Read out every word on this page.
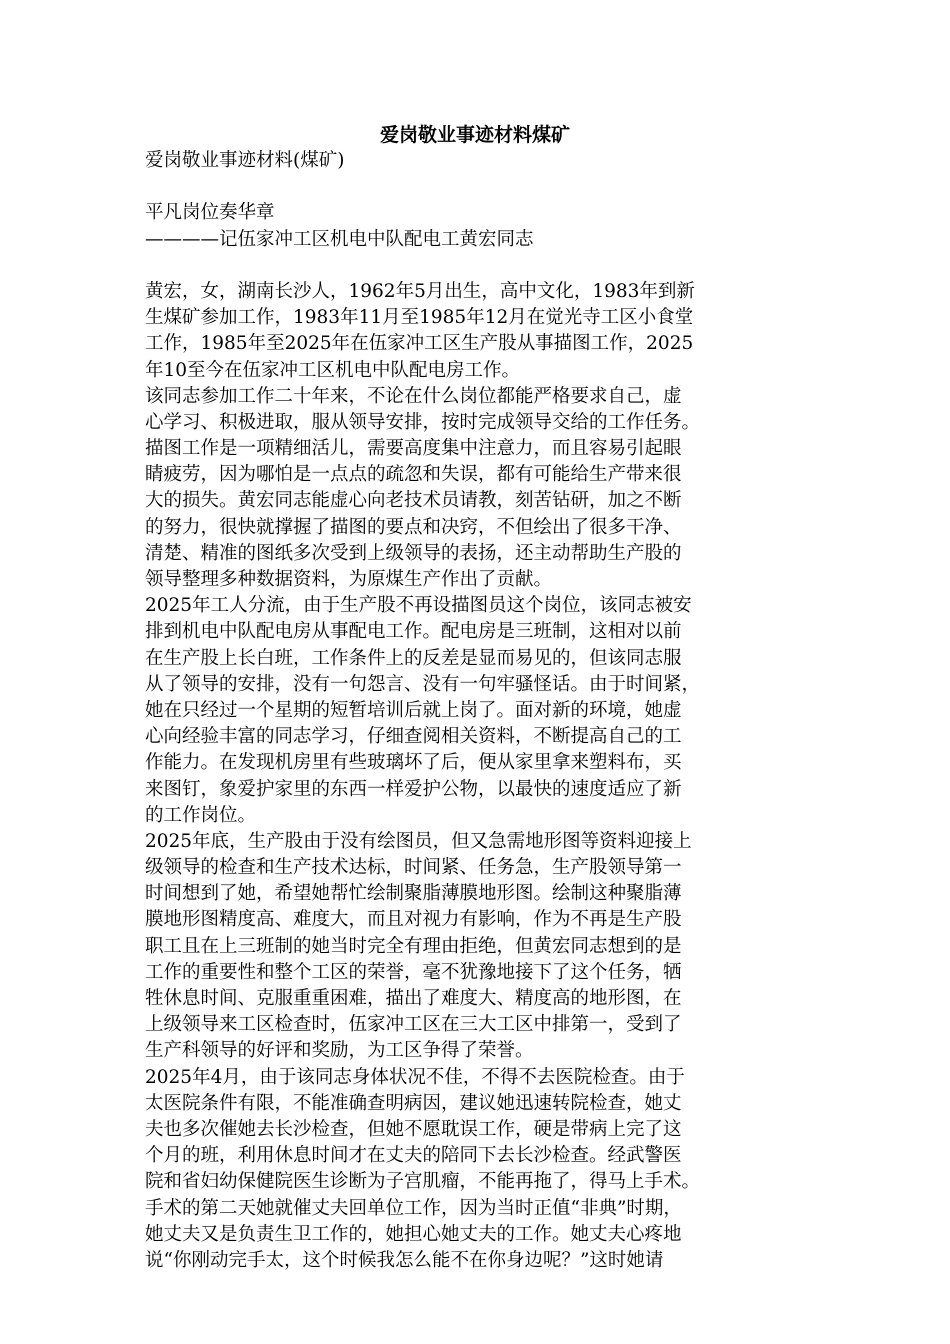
爱岗敬业事迹材料煤矿

爱岗敬业事迹材料(煤矿)

平凡岗位奏华章

————记伍家冲工区机电中队配电工黄宏同志

黄宏，女，湖南长沙人，1962年5月出生，高中文化，1983年到新

生煤矿参加工作，1983年11月至1985年12月在觉光寺工区小食堂

工作，1985年至2025年在伍家冲工区生产股从事描图工作，2025

年10至今在伍家冲工区机电中队配电房工作。

该同志参加工作二十年来，不论在什么岗位都能严格要求自己，虚

心学习、积极进取，服从领导安排，按时完成领导交给的工作任务。

描图工作是一项精细活儿，需要高度集中注意力，而且容易引起眼

睛疲劳，因为哪怕是一点点的疏忽和失误，都有可能给生产带来很

大的损失。黄宏同志能虚心向老技术员请教，刻苦钻研，加之不断

的努力，很快就撑握了描图的要点和决窍，不但绘出了很多干净、

清楚、精准的图纸多次受到上级领导的表扬，还主动帮助生产股的

领导整理多种数据资料，为原煤生产作出了贡献。

2025年工人分流，由于生产股不再设描图员这个岗位，该同志被安

排到机电中队配电房从事配电工作。配电房是三班制，这相对以前

在生产股上长白班，工作条件上的反差是显而易见的，但该同志服

从了领导的安排，没有一句怨言、没有一句牢骚怪话。由于时间紧，

她在只经过一个星期的短暂培训后就上岗了。面对新的环境，她虚

心向经验丰富的同志学习，仔细查阅相关资料，不断提高自己的工

作能力。在发现机房里有些玻璃坏了后，便从家里拿来塑料布，买

来图钉，象爱护家里的东西一样爱护公物，以最快的速度适应了新

的工作岗位。

2025年底，生产股由于没有绘图员，但又急需地形图等资料迎接上

级领导的检查和生产技术达标，时间紧、任务急，生产股领导第一

时间想到了她，希望她帮忙绘制聚脂薄膜地形图。绘制这种聚脂薄

膜地形图精度高、难度大，而且对视力有影响，作为不再是生产股

职工且在上三班制的她当时完全有理由拒绝，但黄宏同志想到的是

工作的重要性和整个工区的荣誉，毫不犹豫地接下了这个任务，牺

牲休息时间、克服重重困难，描出了难度大、精度高的地形图，在

上级领导来工区检查时，伍家冲工区在三大工区中排第一，受到了

生产科领导的好评和奖励，为工区争得了荣誉。

2025年4月，由于该同志身体状况不佳，不得不去医院检查。由于

太医院条件有限，不能准确查明病因，建议她迅速转院检查，她丈

夫也多次催她去长沙检查，但她不愿耽误工作，硬是带病上完了这

个月的班，利用休息时间才在丈夫的陪同下去长沙检查。经武警医

院和省妇幼保健院医生诊断为子宫肌瘤，不能再拖了，得马上手术。

手术的第二天她就催丈夫回单位工作，因为当时正值“非典”时期，

她丈夫又是负责生卫工作的，她担心她丈夫的工作。她丈夫心疼地

说“你刚动完手太，这个时候我怎么能不在你身边呢？”这时她请
